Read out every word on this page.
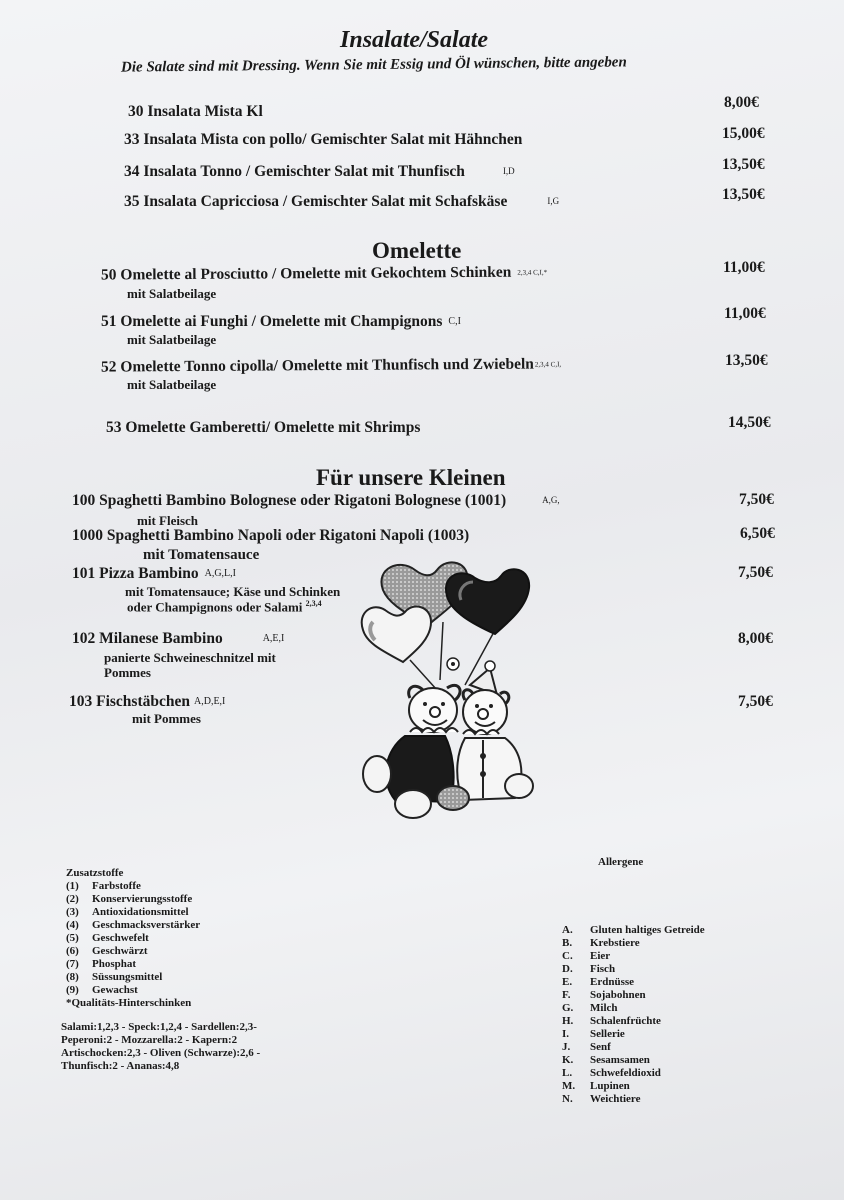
Insalate/Salate
Die Salate sind mit Dressing. Wenn Sie mit Essig und Öl wünschen, bitte angeben
30 Insalata Mista Kl
8,00€
33 Insalata Mista con pollo/ Gemischter Salat mit Hähnchen	15,00€
34 Insalata Tonno / Gemischter Salat mit Thunfisch	I,D	13,50€
35 Insalata Capricciosa / Gemischter Salat mit Schafskäse	I,G	13,50€
Omelette
50 Omelette al Prosciutto / Omelette mit Gekochtem Schinken 2,3,4 C,I,*
mit Salatbeilage
11,00€
51 Omelette ai Funghi / Omelette mit Champignons C,I
mit Salatbeilage
11,00€
52 Omelette Tonno cipolla/ Omelette mit Thunfisch und Zwiebeln2,3,4 C,I,
mit Salatbeilage
13,50€
53 Omelette Gamberetti/ Omelette mit Shrimps	14,50€
Für unsere Kleinen
100 Spaghetti Bambino Bolognese oder Rigatoni Bolognese (1001)	A,G,
mit Fleisch
7,50€
1000 Spaghetti Bambino Napoli oder Rigatoni Napoli (1003)
mit Tomatensauce
6,50€
101 Pizza Bambino A,G,L,I
mit Tomatensauce; Käse und Schinken
oder Champignons oder Salami $^{2,3,4}$
7,50€
102 Milanese Bambino	A,E,I
panierte Schweineschnitzel mit
Pommes
8,00€
103 Fischstäbchen A,D,E,I
mit Pommes
7,50€
Zusatzstoffe
(1) Farbstoffe
(2) Konservierungsstoffe
(3) Antioxidationsmittel
(4) Geschmacksverstärker
(5) Geschwefelt
(6) Geschwärzt
(7) Phosphat
(8) Süssungsmittel
(9) Gewachst
*Qualitäts-Hinterschinken
Salami:1,2,3 - Speck:1,2,4 - Sardellen:2,3-
Peperoni:2 - Mozzarella:2 - Kapern:2
Artischocken:2,3 - Oliven (Schwarze):2,6 -
Thunfisch:2 - Ananas:4,8
Allergene
A.	Gluten haltiges Getreide
B.	Krebstiere
C.	Eier
D.	Fisch
E.	Erdnüsse
F.	Sojabohnen
G.	Milch
H.	Schalenfrüchte
I.	Sellerie
J.	Senf
K.	Sesamsamen
L.	Schwefeldioxid
M.	Lupinen
N.	Weichtiere
